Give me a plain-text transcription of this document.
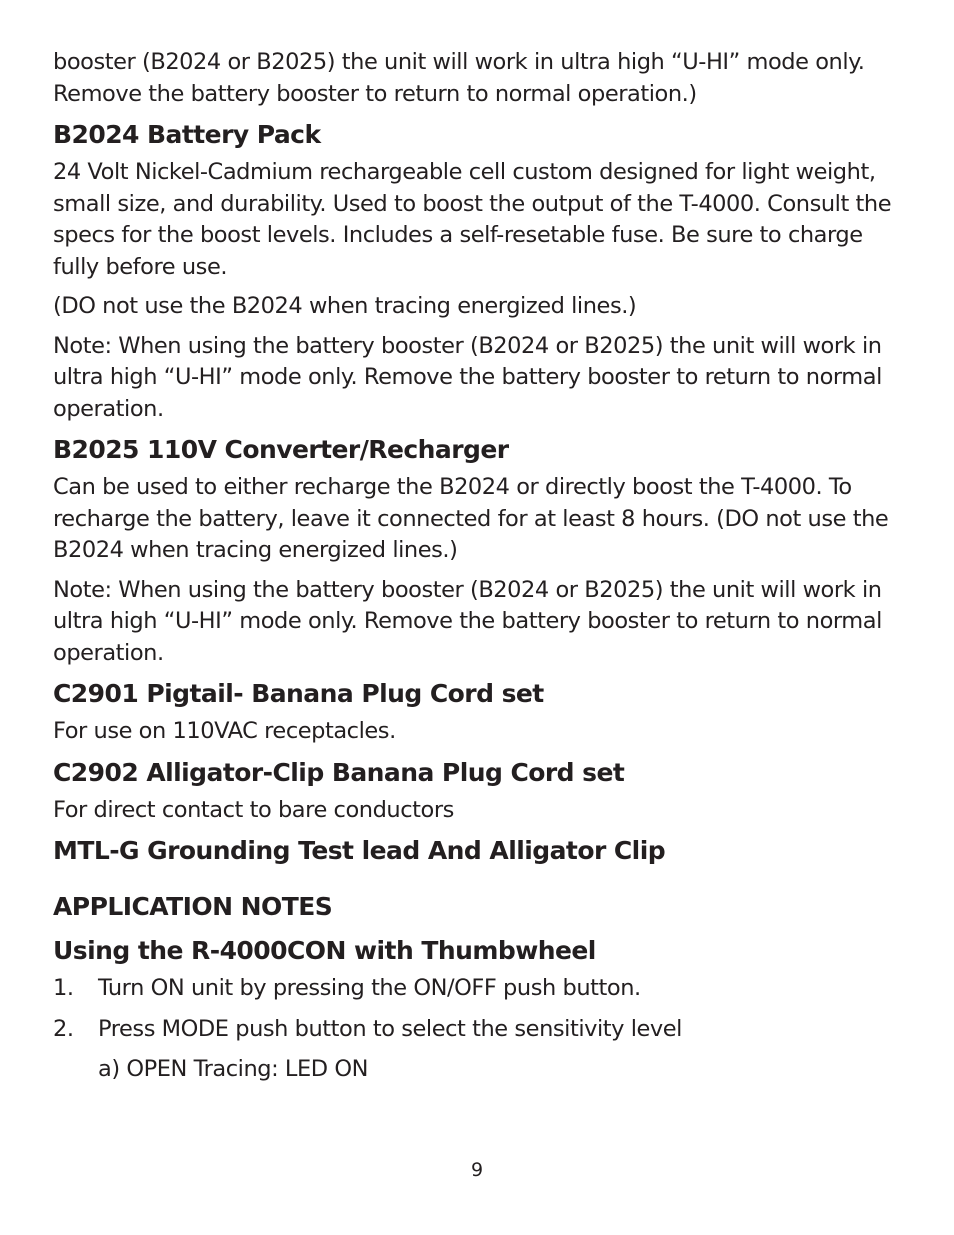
booster (B2024 or B2025) the unit will work in ultra high “U-HI” mode only. Remove the battery booster to return to normal operation.)

B2024 Battery Pack

24 Volt Nickel-Cadmium rechargeable cell custom designed for light weight, small size, and durability. Used to boost the output of the T-4000. Consult the specs for the boost levels. Includes a self-resetable fuse. Be sure to charge fully before use.

(DO not use the B2024 when tracing energized lines.)

Note: When using the battery booster (B2024 or B2025) the unit will work in ultra high “U-HI” mode only. Remove the battery booster to return to normal operation.

B2025 110V Converter/Recharger

Can be used to either recharge the B2024 or directly boost the T-4000. To recharge the battery, leave it connected for at least 8 hours. (DO not use the B2024 when tracing energized lines.)

Note: When using the battery booster (B2024 or B2025) the unit will work in ultra high “U-HI” mode only. Remove the battery booster to return to normal operation.

C2901 Pigtail- Banana Plug Cord set

For use on 110VAC receptacles.

C2902 Alligator-Clip Banana Plug Cord set

For direct contact to bare conductors

MTL-G Grounding Test lead And Alligator Clip
APPLICATION NOTES
Using the R-4000CON with Thumbwheel
1. Turn ON unit by pressing the ON/OFF push button.
2. Press MODE push button to select the sensitivity level
a) OPEN Tracing: LED ON
9
